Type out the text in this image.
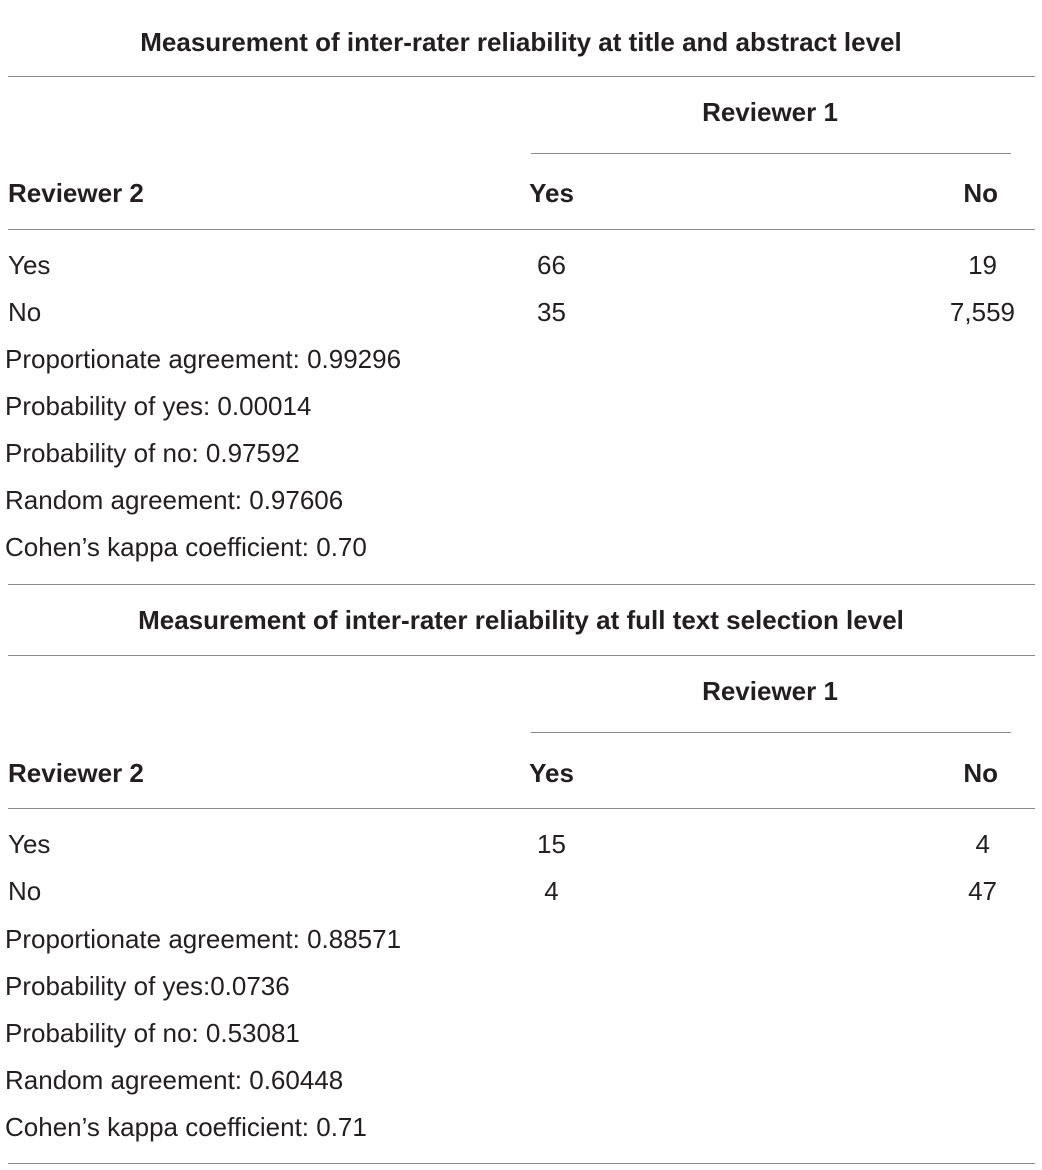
Measurement of inter-rater reliability at title and abstract level
Reviewer 1
Reviewer 2	Yes	No
Yes	66	19
No	35	7,559
Proportionate agreement: 0.99296
Probability of yes: 0.00014
Probability of no: 0.97592
Random agreement: 0.97606
Cohen’s kappa coefficient: 0.70
Measurement of inter-rater reliability at full text selection level
Reviewer 1
Reviewer 2	Yes	No
Yes	15	4
No	4	47
Proportionate agreement: 0.88571
Probability of yes:0.0736
Probability of no: 0.53081
Random agreement: 0.60448
Cohen’s kappa coefficient: 0.71
